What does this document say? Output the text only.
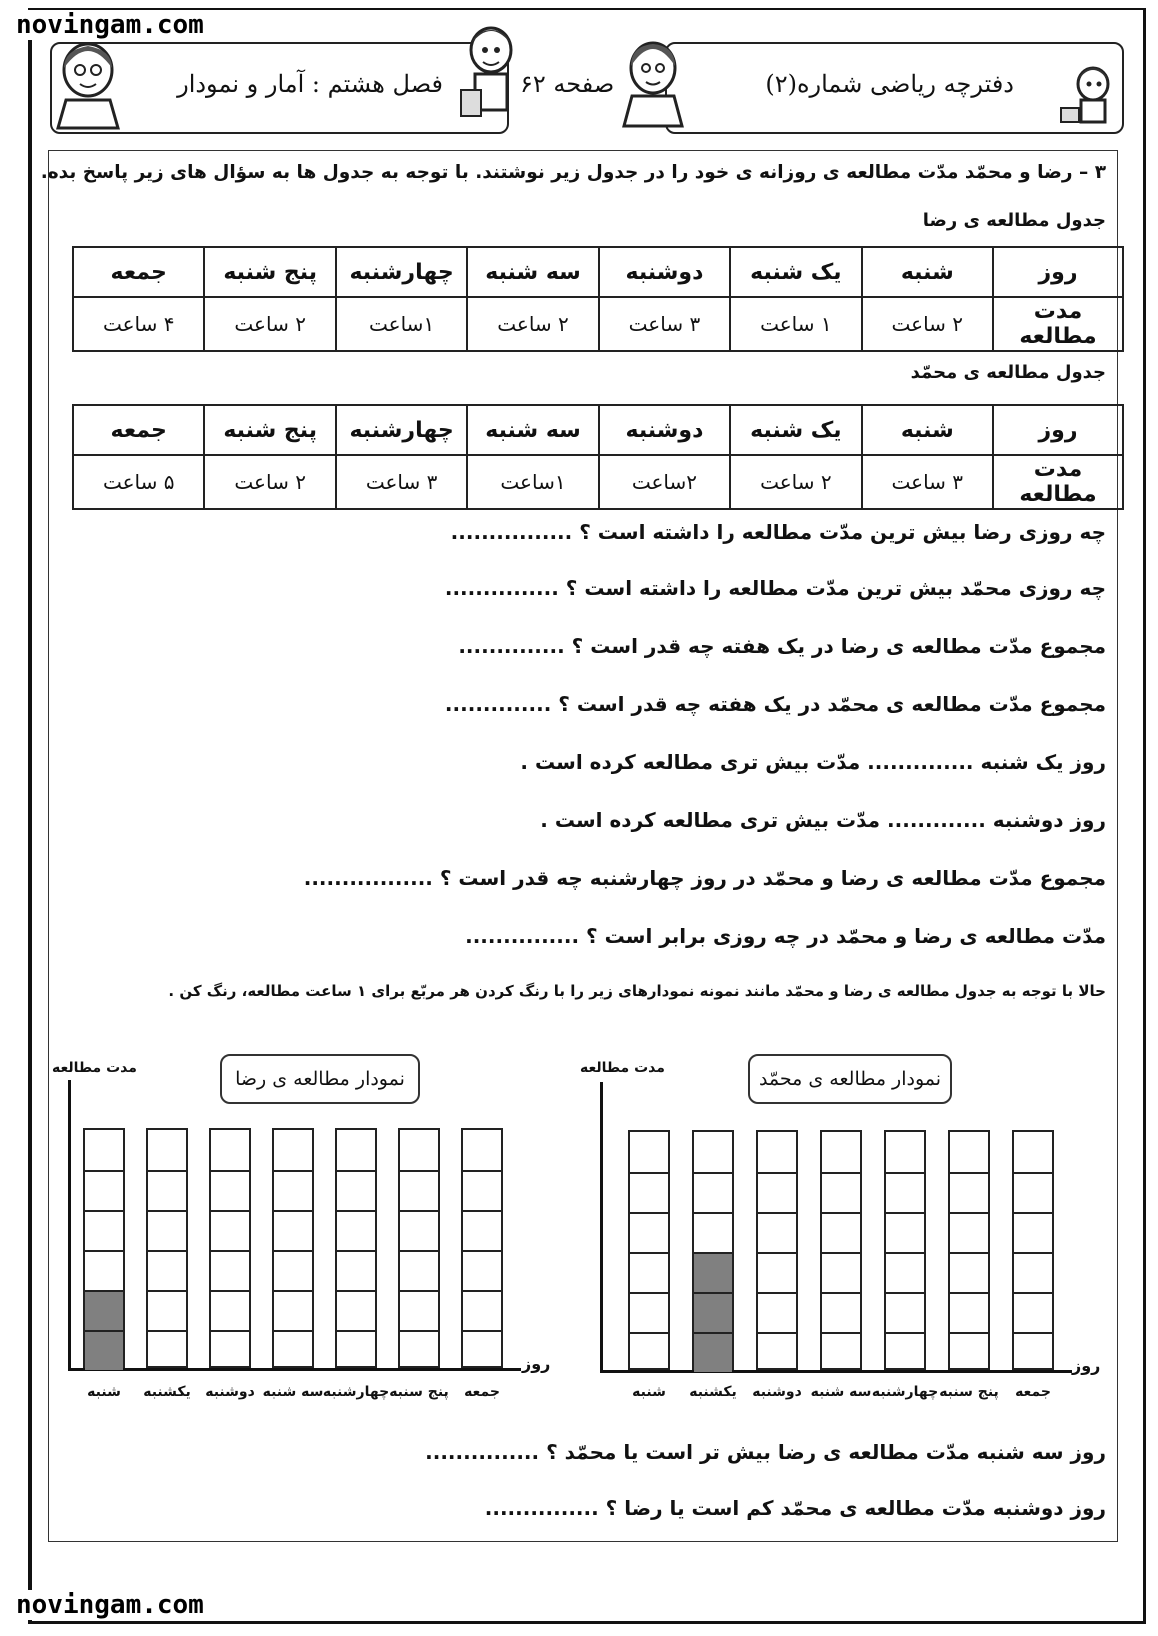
novingam.com
novingam.com
فصل هشتم : آمار و نمودار	دفترچه ریاضی شماره(۲)
صفحه ۶۲
۳ – رضا و محمّد مدّت مطالعه ی روزانه ی خود را در جدول زیر نوشتند. با توجه به جدول ها به سؤال های زیر پاسخ بده.
جدول مطالعه ی رضا
روز	شنبه	یک شنبه	دوشنبه	سه شنبه	چهارشنبه	پنج شنبه	جمعه
مدت مطالعه	۲ ساعت	۱ ساعت	۳ ساعت	۲ ساعت	۱ساعت	۲ ساعت	۴ ساعت
جدول مطالعه ی محمّد
روز	شنبه	یک شنبه	دوشنبه	سه شنبه	چهارشنبه	پنج شنبه	جمعه
مدت مطالعه	۳ ساعت	۲ ساعت	۲ساعت	۱ساعت	۳ ساعت	۲ ساعت	۵ ساعت
چه روزی رضا بیش ترین مدّت مطالعه را داشته است ؟ ................
چه روزی محمّد بیش ترین مدّت مطالعه را داشته است ؟ ...............
مجموع مدّت مطالعه ی رضا در یک هفته چه قدر است ؟ ..............
مجموع مدّت مطالعه ی محمّد در یک هفته چه قدر است ؟ ..............
روز یک شنبه .............. مدّت بیش تری مطالعه کرده است .
روز دوشنبه ............. مدّت بیش تری مطالعه کرده است .
مجموع مدّت مطالعه ی رضا و محمّد در روز چهارشنبه چه قدر است ؟ .................
مدّت مطالعه ی رضا و محمّد در چه روزی برابر است ؟ ...............
حالا با توجه به جدول مطالعه ی رضا و محمّد مانند نمونه نمودارهای زیر را با رنگ کردن هر مربّع برای ۱ ساعت مطالعه، رنگ کن .
نمودار مطالعه ی رضا
مدت مطالعه
روز
شنبه	یکشنبه	دوشنبه سه شنبه چهارشنبه پنج سنبه	جمعه
نمودار مطالعه ی محمّد
مدت مطالعه
روز
شنبه	یکشنبه	دوشنبه سه شنبه چهارشنبه پنج سنبه	جمعه
روز سه شنبه مدّت مطالعه ی رضا بیش تر است یا محمّد ؟ ...............
روز دوشنبه مدّت مطالعه ی محمّد کم است یا رضا ؟ ...............
